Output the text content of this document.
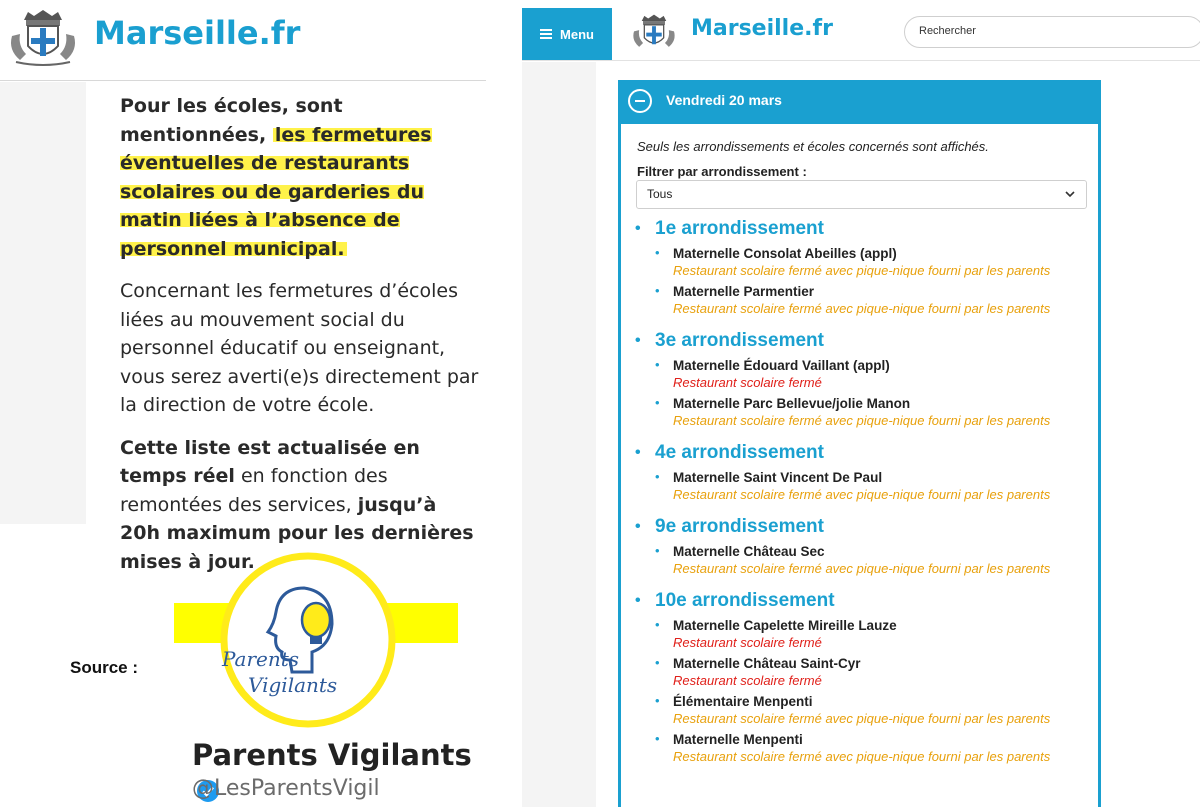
Marseille.fr

Pour les écoles, sont mentionnées, les fermetures éventuelles de restaurants scolaires ou de garderies du matin liées à l’absence de personnel municipal.

Concernant les fermetures d’écoles liées au mouvement social du personnel éducatif ou enseignant, vous serez averti(e)s directement par la direction de votre école.

Cette liste est actualisée en temps réel en fonction des remontées des services, jusqu’à 20h maximum pour les dernières mises à jour.

Source :	Parents
Vigilants
Parents Vigilants
@LesParentsVigil
Menu	Marseille.fr	Rechercher
Vendredi 20 mars
Seuls les arrondissements et écoles concernés sont affichés.
Filtrer par arrondissement :
Tous
• 1e arrondissement
• Maternelle Consolat Abeilles (appl)
Restaurant scolaire fermé avec pique-nique fourni par les parents
• Maternelle Parmentier
Restaurant scolaire fermé avec pique-nique fourni par les parents
• 3e arrondissement
• Maternelle Édouard Vaillant (appl)
Restaurant scolaire fermé
• Maternelle Parc Bellevue/jolie Manon
Restaurant scolaire fermé avec pique-nique fourni par les parents
• 4e arrondissement
• Maternelle Saint Vincent De Paul
Restaurant scolaire fermé avec pique-nique fourni par les parents
• 9e arrondissement
• Maternelle Château Sec
Restaurant scolaire fermé avec pique-nique fourni par les parents
• 10e arrondissement
• Maternelle Capelette Mireille Lauze
Restaurant scolaire fermé
• Maternelle Château Saint-Cyr
Restaurant scolaire fermé
• Élémentaire Menpenti
Restaurant scolaire fermé avec pique-nique fourni par les parents
• Maternelle Menpenti
Restaurant scolaire fermé avec pique-nique fourni par les parents
